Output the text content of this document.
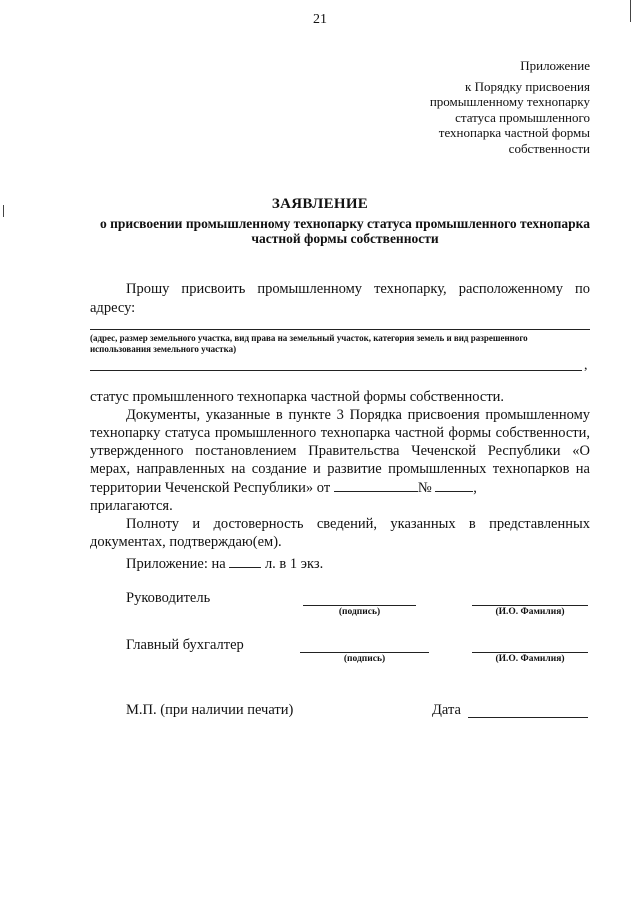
21
Приложение
к Порядку присвоения
промышленному технопарку
статуса промышленного
технопарка частной формы
собственности
ЗАЯВЛЕНИЕ
о присвоении промышленному технопарку статуса промышленного технопарка частной формы собственности
Прошу присвоить промышленному технопарку, расположенному по адресу:
(адрес, размер земельного участка, вид права на земельный участок, категория земель и вид разрешенного использования земельного участка)
,

статус промышленного технопарка частной формы собственности.

Документы, указанные в пункте 3 Порядка присвоения промышленному технопарку статуса промышленного технопарка частной формы собственности, утвержденного постановлением Правительства Чеченской Республики «О мерах, направленных на создание и развитие промышленных технопарков на территории Чеченской Республики» от	№	,

прилагаются.

Полноту и достоверность сведений, указанных в представленных документах, подтверждаю(ем).

Приложение: на	л. в 1 экз.
Руководитель
(подпись)	(И.О. Фамилия)
Главный бухгалтер
(подпись)	(И.О. Фамилия)
М.П. (при наличии печати)	Дата
